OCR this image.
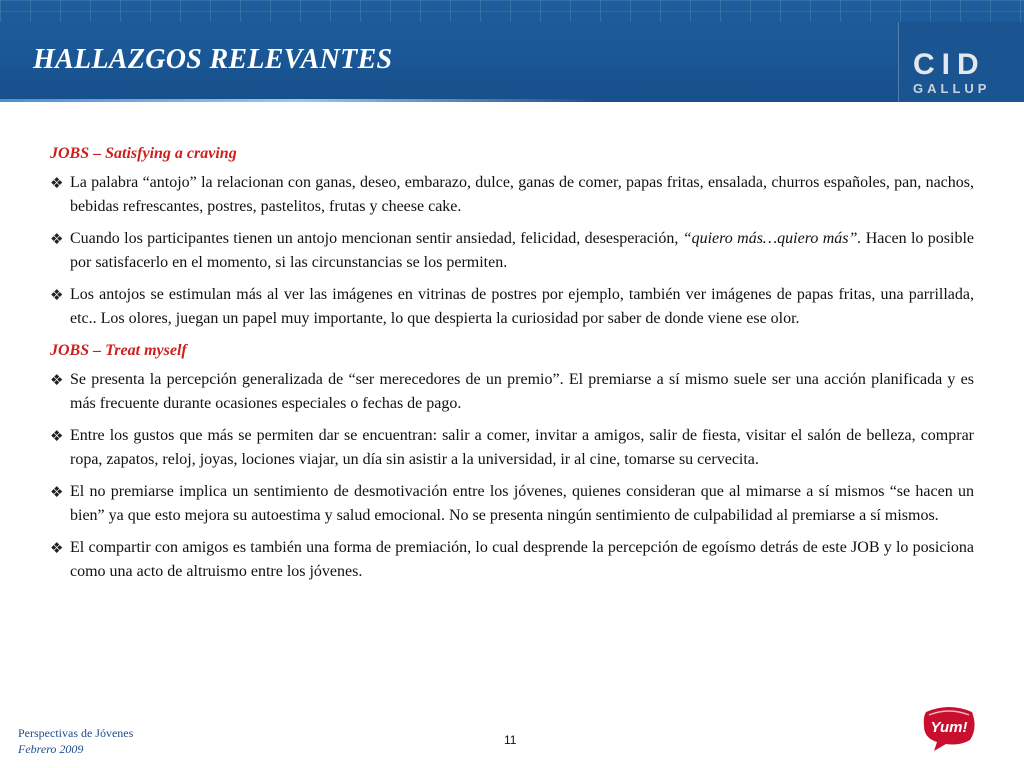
HALLAZGOS RELEVANTES	CID
GALLUP

JOBS – Satisfying a craving

❖ La palabra “antojo” la relacionan con ganas, deseo, embarazo, dulce, ganas de comer, papas fritas, ensalada, churros españoles, pan, nachos, bebidas refrescantes, postres, pastelitos, frutas y cheese cake.

❖ Cuando los participantes tienen un antojo mencionan sentir ansiedad, felicidad, desesperación, “quiero más…quiero más”. Hacen lo posible por satisfacerlo en el momento, si las circunstancias se los permiten.

❖ Los antojos se estimulan más al ver las imágenes en vitrinas de postres por ejemplo, también ver imágenes de papas fritas, una parrillada, etc.. Los olores, juegan un papel muy importante, lo que despierta la curiosidad por saber de donde viene ese olor.

JOBS – Treat myself

❖ Se presenta la percepción generalizada de “ser merecedores de un premio”. El premiarse a sí mismo suele ser una acción planificada y es más frecuente durante ocasiones especiales o fechas de pago.

❖ Entre los gustos que más se permiten dar se encuentran: salir a comer, invitar a amigos, salir de fiesta, visitar el salón de belleza, comprar ropa, zapatos, reloj, joyas, lociones viajar, un día sin asistir a la universidad, ir al cine, tomarse su cervecita.

❖ El no premiarse implica un sentimiento de desmotivación entre los jóvenes, quienes consideran que al mimarse a sí mismos “se hacen un bien” ya que esto mejora su autoestima y salud emocional. No se presenta ningún sentimiento de culpabilidad al premiarse a sí mismos.

❖ El compartir con amigos es también una forma de premiación, lo cual desprende la percepción de egoísmo detrás de este JOB y lo posiciona como una acto de altruismo entre los jóvenes.

Perspectivas de Jóvenes
Febrero 2009
11
Yum!
